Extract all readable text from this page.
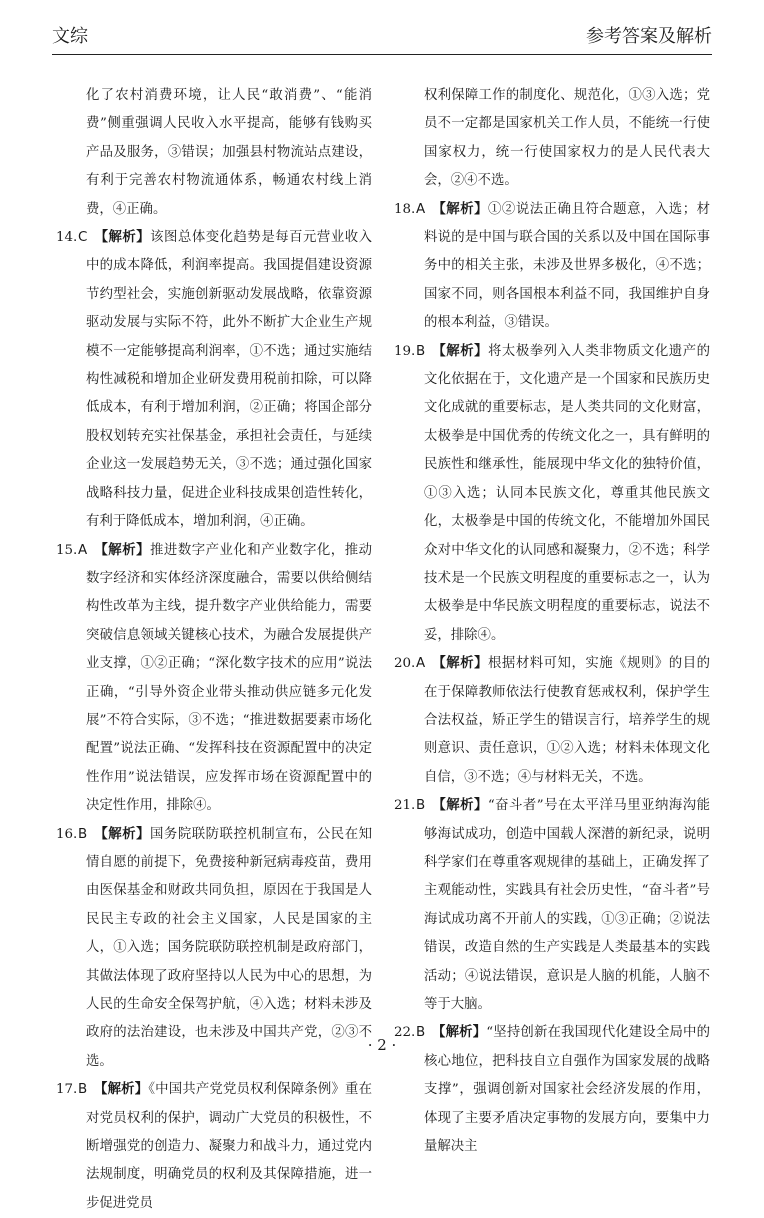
文综	参考答案及解析

化了农村消费环境，让人民“敢消费”、“能消费”侧重强调人民收入水平提高，能够有钱购买产品及服务，③错误；加强县村物流站点建设，有利于完善农村物流通体系，畅通农村线上消费，④正确。

14.C  【解析】该图总体变化趋势是每百元营业收入中的成本降低，利润率提高。我国提倡建设资源节约型社会，实施创新驱动发展战略，依靠资源驱动发展与实际不符，此外不断扩大企业生产规模不一定能够提高利润率，①不选；通过实施结构性减税和增加企业研发费用税前扣除，可以降低成本，有利于增加利润，②正确；将国企部分股权划转充实社保基金，承担社会责任，与延续企业这一发展趋势无关，③不选；通过强化国家战略科技力量，促进企业科技成果创造性转化，有利于降低成本，增加利润，④正确。

15.A  【解析】推进数字产业化和产业数字化，推动数字经济和实体经济深度融合，需要以供给侧结构性改革为主线，提升数字产业供给能力，需要突破信息领域关键核心技术，为融合发展提供产业支撑，①②正确；“深化数字技术的应用”说法正确，“引导外资企业带头推动供应链多元化发展”不符合实际，③不选；“推进数据要素市场化配置”说法正确、“发挥科技在资源配置中的决定性作用”说法错误，应发挥市场在资源配置中的决定性作用，排除④。

16.B  【解析】国务院联防联控机制宣布，公民在知情自愿的前提下，免费接种新冠病毒疫苗，费用由医保基金和财政共同负担，原因在于我国是人民民主专政的社会主义国家，人民是国家的主人，①入选；国务院联防联控机制是政府部门，其做法体现了政府坚持以人民为中心的思想，为人民的生命安全保驾护航，④入选；材料未涉及政府的法治建设，也未涉及中国共产党，②③不选。

17.B  【解析】《中国共产党党员权利保障条例》重在对党员权利的保护，调动广大党员的积极性，不断增强党的创造力、凝聚力和战斗力，通过党内法规制度，明确党员的权利及其保障措施，进一步促进党员

权利保障工作的制度化、规范化，①③入选；党员不一定都是国家机关工作人员，不能统一行使国家权力，统一行使国家权力的是人民代表大会，②④不选。

18.A  【解析】①②说法正确且符合题意，入选；材料说的是中国与联合国的关系以及中国在国际事务中的相关主张，未涉及世界多极化，④不选；国家不同，则各国根本利益不同，我国维护自身的根本利益，③错误。

19.B  【解析】将太极拳列入人类非物质文化遗产的文化依据在于，文化遗产是一个国家和民族历史文化成就的重要标志，是人类共同的文化财富，太极拳是中国优秀的传统文化之一，具有鲜明的民族性和继承性，能展现中华文化的独特价值，①③入选；认同本民族文化，尊重其他民族文化，太极拳是中国的传统文化，不能增加外国民众对中华文化的认同感和凝聚力，②不选；科学技术是一个民族文明程度的重要标志之一，认为太极拳是中华民族文明程度的重要标志，说法不妥，排除④。

20.A  【解析】根据材料可知，实施《规则》的目的在于保障教师依法行使教育惩戒权利，保护学生合法权益，矫正学生的错误言行，培养学生的规则意识、责任意识，①②入选；材料未体现文化自信，③不选；④与材料无关，不选。

21.B  【解析】“奋斗者”号在太平洋马里亚纳海沟能够海试成功，创造中国载人深潜的新纪录，说明科学家们在尊重客观规律的基础上，正确发挥了主观能动性，实践具有社会历史性，“奋斗者”号海试成功离不开前人的实践，①③正确；②说法错误，改造自然的生产实践是人类最基本的实践活动；④说法错误，意识是人脑的机能，人脑不等于大脑。

22.B  【解析】“坚持创新在我国现代化建设全局中的核心地位，把科技自立自强作为国家发展的战略支撑”，强调创新对国家社会经济发展的作用，体现了主要矛盾决定事物的发展方向，要集中力量解决主

· 2 ·
